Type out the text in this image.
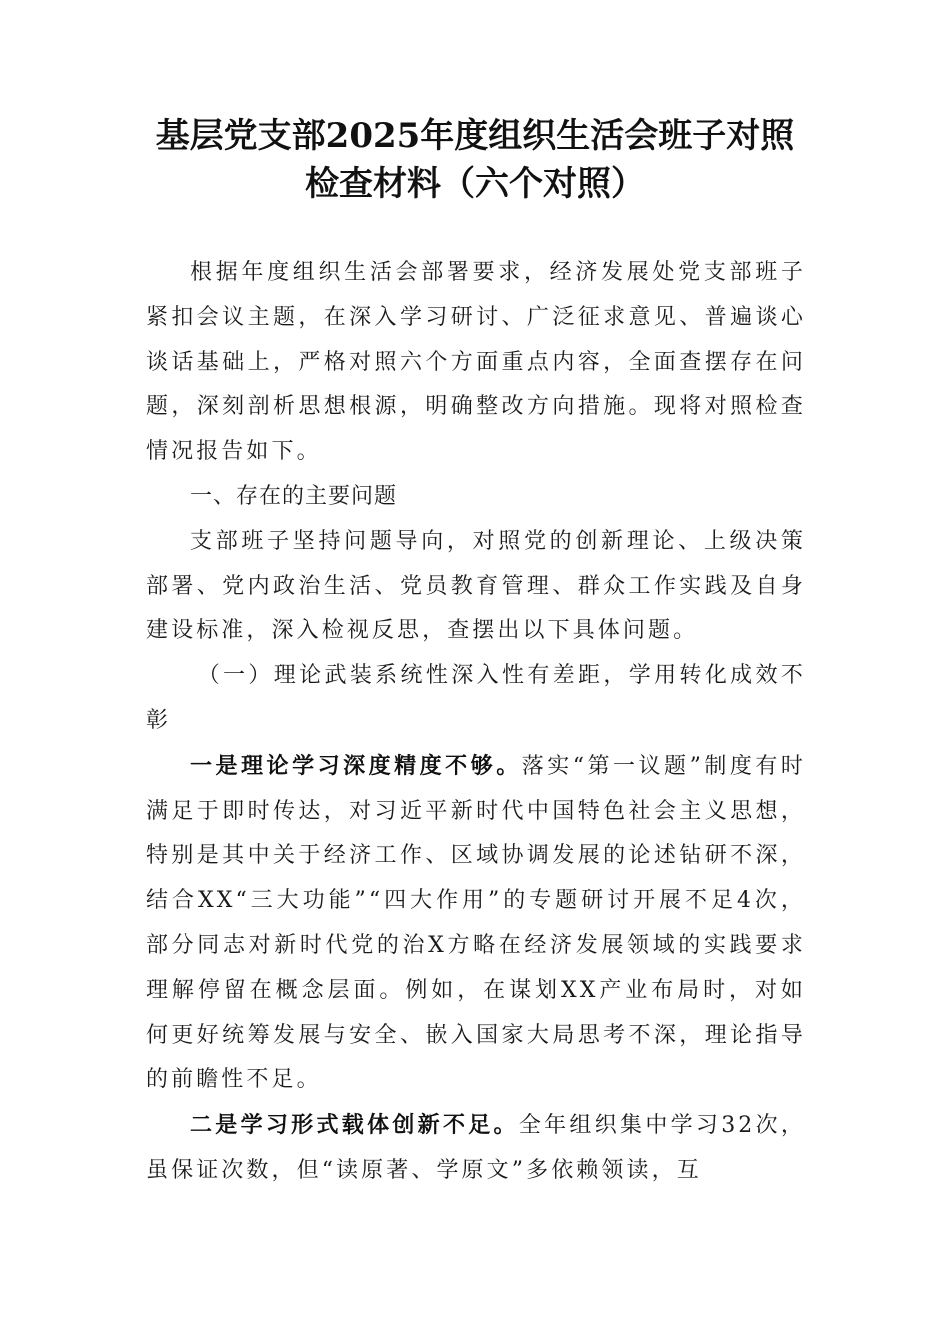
基层党支部2025年度组织生活会班子对照
检查材料（六个对照）

根据年度组织生活会部署要求，经济发展处党支部班子紧扣会议主题，在深入学习研讨、广泛征求意见、普遍谈心谈话基础上，严格对照六个方面重点内容，全面查摆存在问题，深刻剖析思想根源，明确整改方向措施。现将对照检查情况报告如下。

一、存在的主要问题

支部班子坚持问题导向，对照党的创新理论、上级决策部署、党内政治生活、党员教育管理、群众工作实践及自身建设标准，深入检视反思，查摆出以下具体问题。

（一）理论武装系统性深入性有差距，学用转化成效不彰

一是理论学习深度精度不够。落实“第一议题”制度有时满足于即时传达，对习近平新时代中国特色社会主义思想，特别是其中关于经济工作、区域协调发展的论述钻研不深，结合XX“三大功能”“四大作用”的专题研讨开展不足4次，部分同志对新时代党的治X方略在经济发展领域的实践要求理解停留在概念层面。例如，在谋划XX产业布局时，对如何更好统筹发展与安全、嵌入国家大局思考不深，理论指导的前瞻性不足。

二是学习形式载体创新不足。全年组织集中学习32次，虽保证次数，但“读原著、学原文”多依赖领读，互
